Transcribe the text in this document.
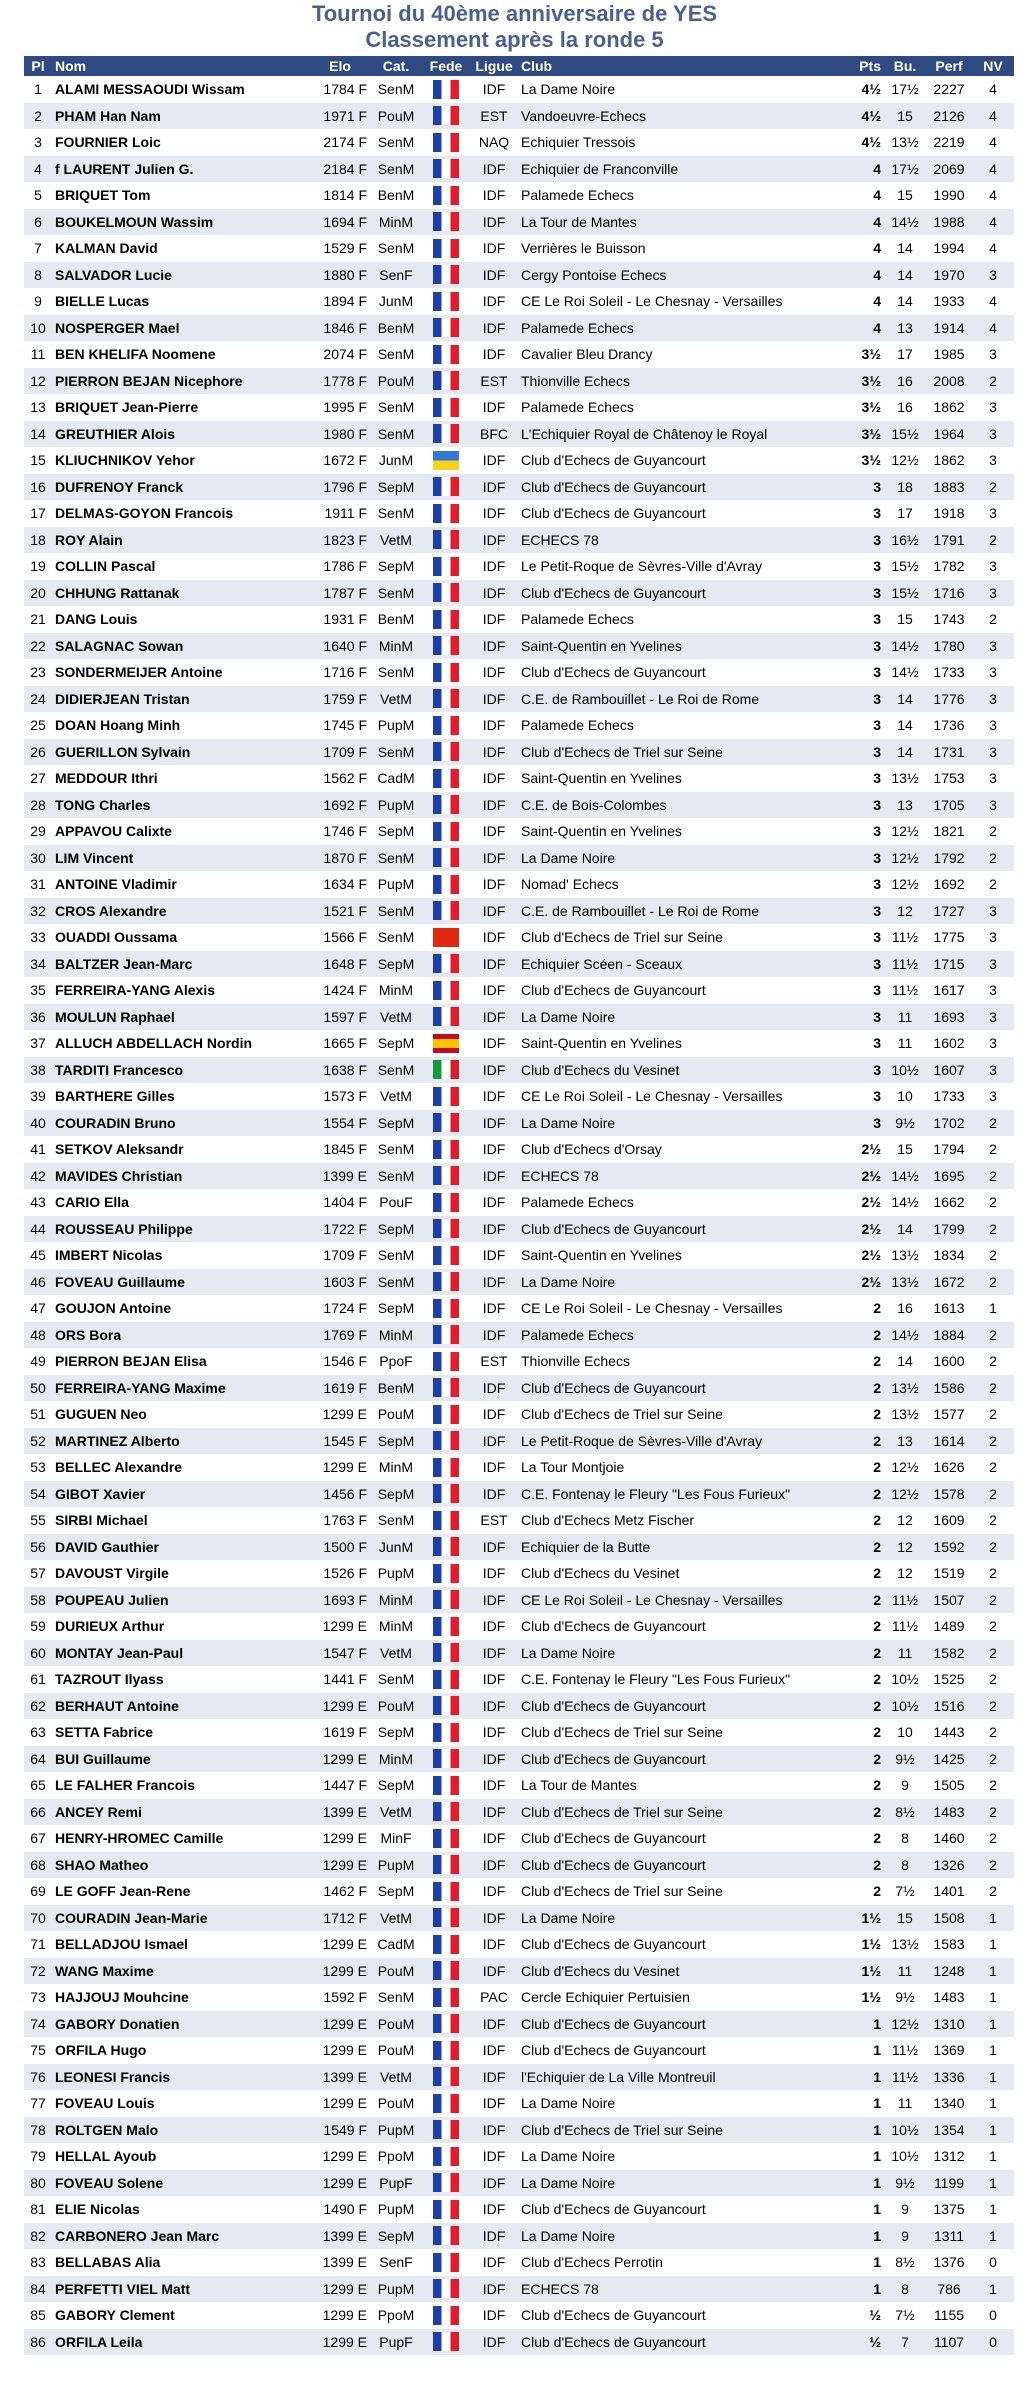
Tournoi du 40ème anniversaire de YES
Classement après la ronde 5
Pl	Nom	Elo	Cat.	Fede	Ligue	Club	Pts	Bu.	Perf	NV
1	ALAMI MESSAOUDI Wissam	1784 F	SenM		IDF	La Dame Noire	4½	17½	2227	4
2	PHAM Han Nam	1971 F	PouM		EST	Vandoeuvre-Echecs	4½	15	2126	4
3	FOURNIER Loic	2174 F	SenM		NAQ	Echiquier Tressois	4½	13½	2219	4
4	f LAURENT Julien G.	2184 F	SenM		IDF	Echiquier de Franconville	4	17½	2069	4
5	BRIQUET Tom	1814 F	BenM		IDF	Palamede Echecs	4	15	1990	4
6	BOUKELMOUN Wassim	1694 F	MinM		IDF	La Tour de Mantes	4	14½	1988	4
7	KALMAN David	1529 F	SenM		IDF	Verrières le Buisson	4	14	1994	4
8	SALVADOR Lucie	1880 F	SenF		IDF	Cergy Pontoise Echecs	4	14	1970	3
9	BIELLE Lucas	1894 F	JunM		IDF	CE Le Roi Soleil - Le Chesnay - Versailles	4	14	1933	4
10	NOSPERGER Mael	1846 F	BenM		IDF	Palamede Echecs	4	13	1914	4
11	BEN KHELIFA Noomene	2074 F	SenM		IDF	Cavalier Bleu Drancy	3½	17	1985	3
12	PIERRON BEJAN Nicephore	1778 F	PouM		EST	Thionville Echecs	3½	16	2008	2
13	BRIQUET Jean-Pierre	1995 F	SenM		IDF	Palamede Echecs	3½	16	1862	3
14	GREUTHIER Alois	1980 F	SenM		BFC	L'Echiquier Royal de Châtenoy le Royal	3½	15½	1964	3
15	KLIUCHNIKOV Yehor	1672 F	JunM		IDF	Club d'Echecs de Guyancourt	3½	12½	1862	3
16	DUFRENOY Franck	1796 F	SepM		IDF	Club d'Echecs de Guyancourt	3	18	1883	2
17	DELMAS-GOYON Francois	1911 F	SenM		IDF	Club d'Echecs de Guyancourt	3	17	1918	3
18	ROY Alain	1823 F	VetM		IDF	ECHECS 78	3	16½	1791	2
19	COLLIN Pascal	1786 F	SepM		IDF	Le Petit-Roque de Sèvres-Ville d'Avray	3	15½	1782	3
20	CHHUNG Rattanak	1787 F	SenM		IDF	Club d'Echecs de Guyancourt	3	15½	1716	3
21	DANG Louis	1931 F	BenM		IDF	Palamede Echecs	3	15	1743	2
22	SALAGNAC Sowan	1640 F	MinM		IDF	Saint-Quentin en Yvelines	3	14½	1780	3
23	SONDERMEIJER Antoine	1716 F	SenM		IDF	Club d'Echecs de Guyancourt	3	14½	1733	3
24	DIDIERJEAN Tristan	1759 F	VetM		IDF	C.E. de Rambouillet - Le Roi de Rome	3	14	1776	3
25	DOAN Hoang Minh	1745 F	PupM		IDF	Palamede Echecs	3	14	1736	3
26	GUERILLON Sylvain	1709 F	SenM		IDF	Club d'Echecs de Triel sur Seine	3	14	1731	3
27	MEDDOUR Ithri	1562 F	CadM		IDF	Saint-Quentin en Yvelines	3	13½	1753	3
28	TONG Charles	1692 F	PupM		IDF	C.E. de Bois-Colombes	3	13	1705	3
29	APPAVOU Calixte	1746 F	SepM		IDF	Saint-Quentin en Yvelines	3	12½	1821	2
30	LIM Vincent	1870 F	SenM		IDF	La Dame Noire	3	12½	1792	2
31	ANTOINE Vladimir	1634 F	PupM		IDF	Nomad' Echecs	3	12½	1692	2
32	CROS Alexandre	1521 F	SenM		IDF	C.E. de Rambouillet - Le Roi de Rome	3	12	1727	3
33	OUADDI Oussama	1566 F	SenM		IDF	Club d'Echecs de Triel sur Seine	3	11½	1775	3
34	BALTZER Jean-Marc	1648 F	SepM		IDF	Echiquier Scéen - Sceaux	3	11½	1715	3
35	FERREIRA-YANG Alexis	1424 F	MinM		IDF	Club d'Echecs de Guyancourt	3	11½	1617	3
36	MOULUN Raphael	1597 F	VetM		IDF	La Dame Noire	3	11	1693	3
37	ALLUCH ABDELLACH Nordin	1665 F	SepM		IDF	Saint-Quentin en Yvelines	3	11	1602	3
38	TARDITI Francesco	1638 F	SenM		IDF	Club d'Echecs du Vesinet	3	10½	1607	3
39	BARTHERE Gilles	1573 F	VetM		IDF	CE Le Roi Soleil - Le Chesnay - Versailles	3	10	1733	3
40	COURADIN Bruno	1554 F	SepM		IDF	La Dame Noire	3	9½	1702	2
41	SETKOV Aleksandr	1845 F	SenM		IDF	Club d'Echecs d'Orsay	2½	15	1794	2
42	MAVIDES Christian	1399 E	SenM		IDF	ECHECS 78	2½	14½	1695	2
43	CARIO Ella	1404 F	PouF		IDF	Palamede Echecs	2½	14½	1662	2
44	ROUSSEAU Philippe	1722 F	SepM		IDF	Club d'Echecs de Guyancourt	2½	14	1799	2
45	IMBERT Nicolas	1709 F	SenM		IDF	Saint-Quentin en Yvelines	2½	13½	1834	2
46	FOVEAU Guillaume	1603 F	SenM		IDF	La Dame Noire	2½	13½	1672	2
47	GOUJON Antoine	1724 F	SepM		IDF	CE Le Roi Soleil - Le Chesnay - Versailles	2	16	1613	1
48	ORS Bora	1769 F	MinM		IDF	Palamede Echecs	2	14½	1884	2
49	PIERRON BEJAN Elisa	1546 F	PpoF		EST	Thionville Echecs	2	14	1600	2
50	FERREIRA-YANG Maxime	1619 F	BenM		IDF	Club d'Echecs de Guyancourt	2	13½	1586	2
51	GUGUEN Neo	1299 E	PouM		IDF	Club d'Echecs de Triel sur Seine	2	13½	1577	2
52	MARTINEZ Alberto	1545 F	SepM		IDF	Le Petit-Roque de Sèvres-Ville d'Avray	2	13	1614	2
53	BELLEC Alexandre	1299 E	MinM		IDF	La Tour Montjoie	2	12½	1626	2
54	GIBOT Xavier	1456 F	SepM		IDF	C.E. Fontenay le Fleury "Les Fous Furieux"	2	12½	1578	2
55	SIRBI Michael	1763 F	SenM		EST	Club d'Echecs Metz Fischer	2	12	1609	2
56	DAVID Gauthier	1500 F	JunM		IDF	Echiquier de la Butte	2	12	1592	2
57	DAVOUST Virgile	1526 F	PupM		IDF	Club d'Echecs du Vesinet	2	12	1519	2
58	POUPEAU Julien	1693 F	MinM		IDF	CE Le Roi Soleil - Le Chesnay - Versailles	2	11½	1507	2
59	DURIEUX Arthur	1299 E	MinM		IDF	Club d'Echecs de Guyancourt	2	11½	1489	2
60	MONTAY Jean-Paul	1547 F	VetM		IDF	La Dame Noire	2	11	1582	2
61	TAZROUT Ilyass	1441 F	SenM		IDF	C.E. Fontenay le Fleury "Les Fous Furieux"	2	10½	1525	2
62	BERHAUT Antoine	1299 E	PouM		IDF	Club d'Echecs de Guyancourt	2	10½	1516	2
63	SETTA Fabrice	1619 F	SepM		IDF	Club d'Echecs de Triel sur Seine	2	10	1443	2
64	BUI Guillaume	1299 E	MinM		IDF	Club d'Echecs de Guyancourt	2	9½	1425	2
65	LE FALHER Francois	1447 F	SepM		IDF	La Tour de Mantes	2	9	1505	2
66	ANCEY Remi	1399 E	VetM		IDF	Club d'Echecs de Triel sur Seine	2	8½	1483	2
67	HENRY-HROMEC Camille	1299 E	MinF		IDF	Club d'Echecs de Guyancourt	2	8	1460	2
68	SHAO Matheo	1299 E	PupM		IDF	Club d'Echecs de Guyancourt	2	8	1326	2
69	LE GOFF Jean-Rene	1462 F	SepM		IDF	Club d'Echecs de Triel sur Seine	2	7½	1401	2
70	COURADIN Jean-Marie	1712 F	VetM		IDF	La Dame Noire	1½	15	1508	1
71	BELLADJOU Ismael	1299 E	CadM		IDF	Club d'Echecs de Guyancourt	1½	13½	1583	1
72	WANG Maxime	1299 E	PouM		IDF	Club d'Echecs du Vesinet	1½	11	1248	1
73	HAJJOUJ Mouhcine	1592 F	SenM		PAC	Cercle Echiquier Pertuisien	1½	9½	1483	1
74	GABORY Donatien	1299 E	PouM		IDF	Club d'Echecs de Guyancourt	1	12½	1310	1
75	ORFILA Hugo	1299 E	PouM		IDF	Club d'Echecs de Guyancourt	1	11½	1369	1
76	LEONESI Francis	1399 E	VetM		IDF	l'Echiquier de La Ville Montreuil	1	11½	1336	1
77	FOVEAU Louis	1299 E	PouM		IDF	La Dame Noire	1	11	1340	1
78	ROLTGEN Malo	1549 F	PupM		IDF	Club d'Echecs de Triel sur Seine	1	10½	1354	1
79	HELLAL Ayoub	1299 E	PpoM		IDF	La Dame Noire	1	10½	1312	1
80	FOVEAU Solene	1299 E	PupF		IDF	La Dame Noire	1	9½	1199	1
81	ELIE Nicolas	1490 F	PupM		IDF	Club d'Echecs de Guyancourt	1	9	1375	1
82	CARBONERO Jean Marc	1399 E	SepM		IDF	La Dame Noire	1	9	1311	1
83	BELLABAS Alia	1399 E	SenF		IDF	Club d'Echecs Perrotin	1	8½	1376	0
84	PERFETTI VIEL Matt	1299 E	PupM		IDF	ECHECS 78	1	8	786	1
85	GABORY Clement	1299 E	PpoM		IDF	Club d'Echecs de Guyancourt	½	7½	1155	0
86	ORFILA Leila	1299 E	PupF		IDF	Club d'Echecs de Guyancourt	½	7	1107	0
